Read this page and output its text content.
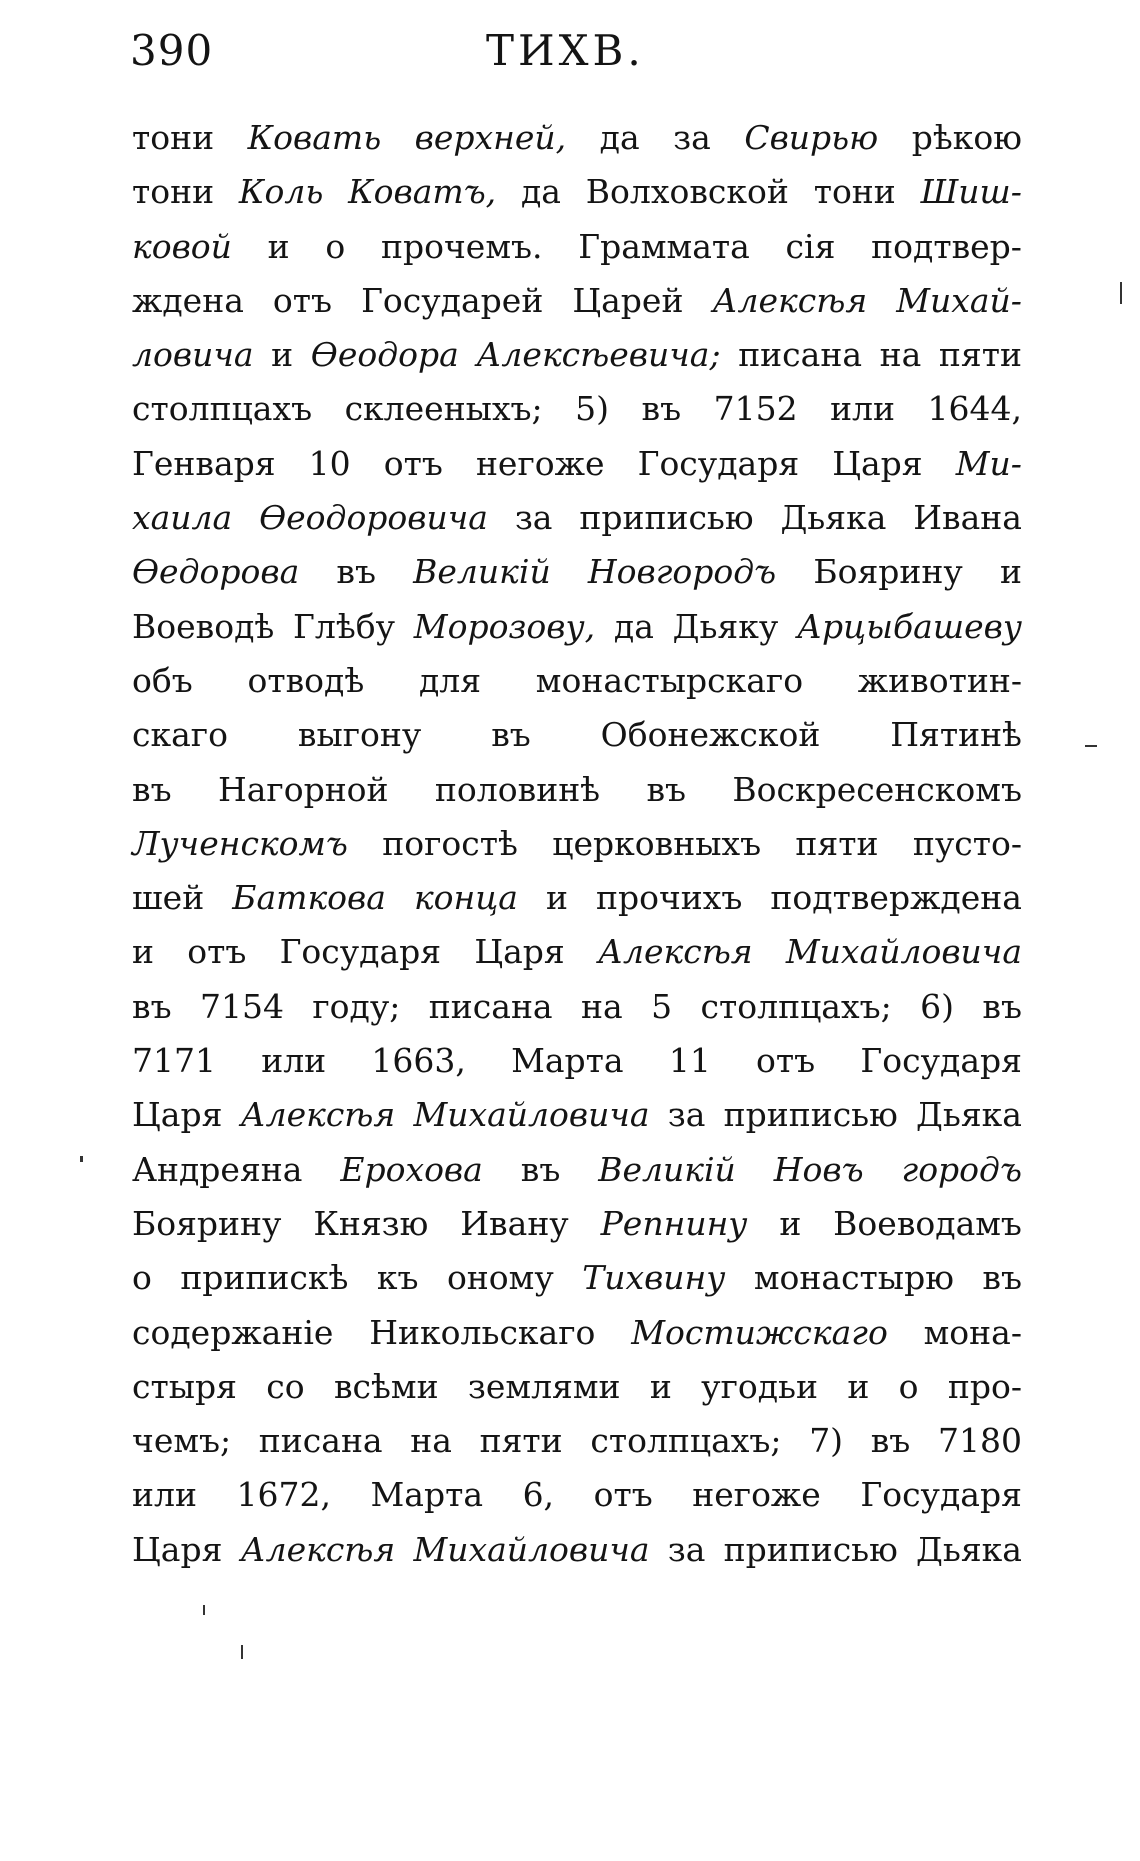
390	ТИХВ.
тони Ковать верхней, да за Свирью рѣкою
тони Коль Коватъ, да Волховской тони Шиш-
ковой и о прочемъ. Граммата сія подтвер-
ждена отъ Государей Царей Алексѣя Михай-
ловича и Ѳеодора Алексѣевича; писана на пяти
столпцахъ склееныхъ; 5) въ 7152 или 1644,
Генваря 10 отъ негоже Государя Царя Ми-
хаила Ѳеодоровича за приписью Дьяка Ивана
Ѳедорова въ Великій Новгородъ Боярину и
Воеводѣ Глѣбу Морозову, да Дьяку Арцыбашеву
объ отводѣ для монастырскаго животин-
скаго выгону въ Обонежской Пятинѣ
въ Нагорной половинѣ въ Воскресенскомъ
Лученскомъ погостѣ церковныхъ пяти пусто-
шей Баткова конца и прочихъ подтверждена
и отъ Государя Царя Алексѣя Михайловича
въ 7154 году; писана на 5 столпцахъ; 6) въ
7171 или 1663, Марта 11 отъ Государя
Царя Алексѣя Михайловича за приписью Дьяка
Андреяна Ерохова въ Великій Новъ городъ
Боярину Князю Ивану Репнину и Воеводамъ
о припискѣ къ оному Тихвину монастырю въ
содержаніе Никольскаго Мостижскаго мона-
стыря со всѣми землями и угодьи и о про-
чемъ; писана на пяти столпцахъ; 7) въ 7180
или 1672, Марта 6, отъ негоже Государя
Царя Алексѣя Михайловича за приписью Дьяка
